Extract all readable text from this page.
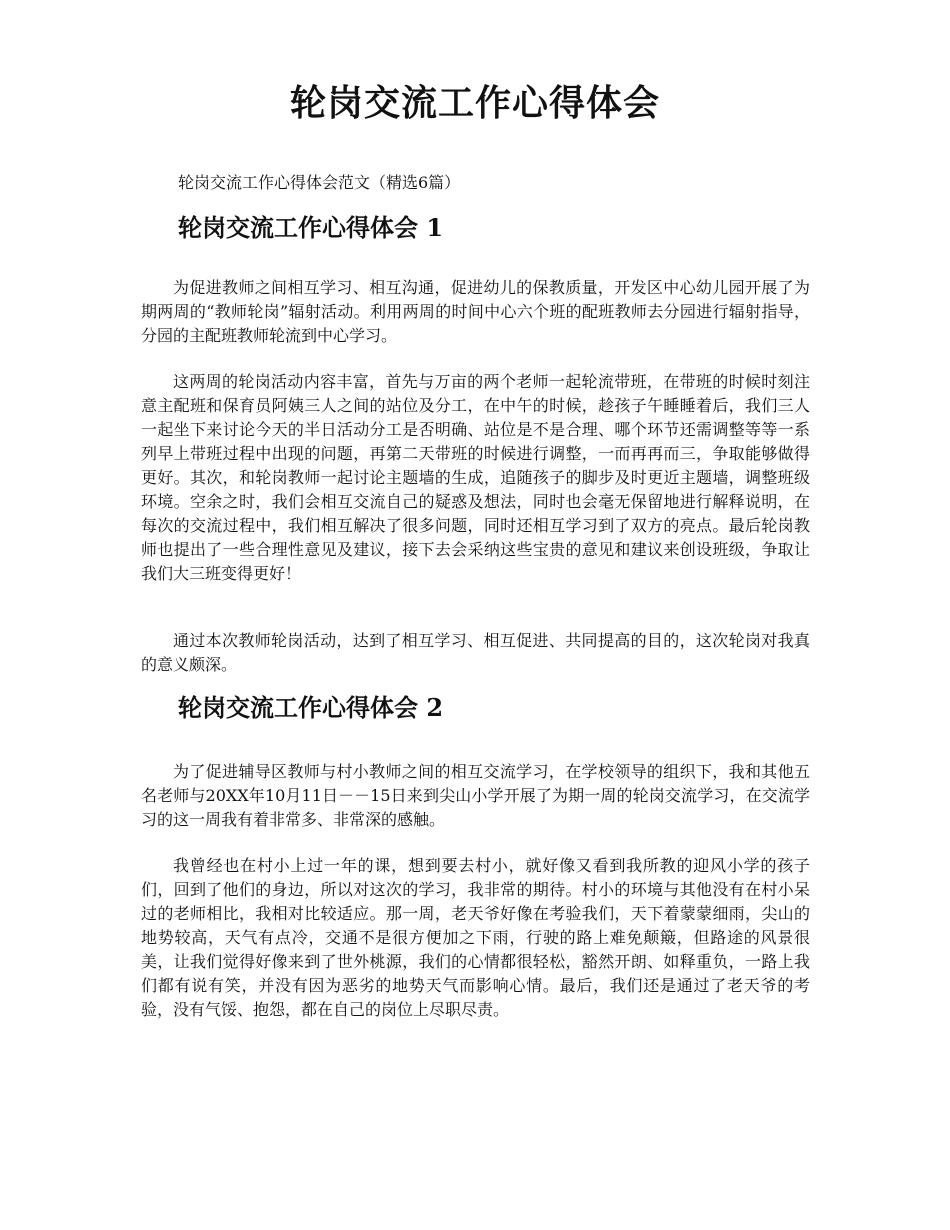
轮岗交流工作心得体会

轮岗交流工作心得体会范文（精选6篇）

轮岗交流工作心得体会 1

为促进教师之间相互学习、相互沟通，促进幼儿的保教质量，开发区中心幼儿园开展了为期两周的“教师轮岗”辐射活动。利用两周的时间中心六个班的配班教师去分园进行辐射指导，分园的主配班教师轮流到中心学习。

这两周的轮岗活动内容丰富，首先与万亩的两个老师一起轮流带班，在带班的时候时刻注意主配班和保育员阿姨三人之间的站位及分工，在中午的时候，趁孩子午睡睡着后，我们三人一起坐下来讨论今天的半日活动分工是否明确、站位是不是合理、哪个环节还需调整等等一系列早上带班过程中出现的问题，再第二天带班的时候进行调整，一而再再而三，争取能够做得更好。其次，和轮岗教师一起讨论主题墙的生成，追随孩子的脚步及时更近主题墙，调整班级环境。空余之时，我们会相互交流自己的疑惑及想法，同时也会毫无保留地进行解释说明，在每次的交流过程中，我们相互解决了很多问题，同时还相互学习到了双方的亮点。最后轮岗教师也提出了一些合理性意见及建议，接下去会采纳这些宝贵的意见和建议来创设班级，争取让我们大三班变得更好！

通过本次教师轮岗活动，达到了相互学习、相互促进、共同提高的目的，这次轮岗对我真的意义颇深。

轮岗交流工作心得体会 2

为了促进辅导区教师与村小教师之间的相互交流学习，在学校领导的组织下，我和其他五名老师与20XX年10月11日－－15日来到尖山小学开展了为期一周的轮岗交流学习，在交流学习的这一周我有着非常多、非常深的感触。

我曾经也在村小上过一年的课，想到要去村小，就好像又看到我所教的迎风小学的孩子们，回到了他们的身边，所以对这次的学习，我非常的期待。村小的环境与其他没有在村小呆过的老师相比，我相对比较适应。那一周，老天爷好像在考验我们，天下着蒙蒙细雨，尖山的地势较高，天气有点冷，交通不是很方便加之下雨，行驶的路上难免颠簸，但路途的风景很美，让我们觉得好像来到了世外桃源，我们的心情都很轻松，豁然开朗、如释重负，一路上我们都有说有笑，并没有因为恶劣的地势天气而影响心情。最后，我们还是通过了老天爷的考验，没有气馁、抱怨，都在自己的岗位上尽职尽责。
